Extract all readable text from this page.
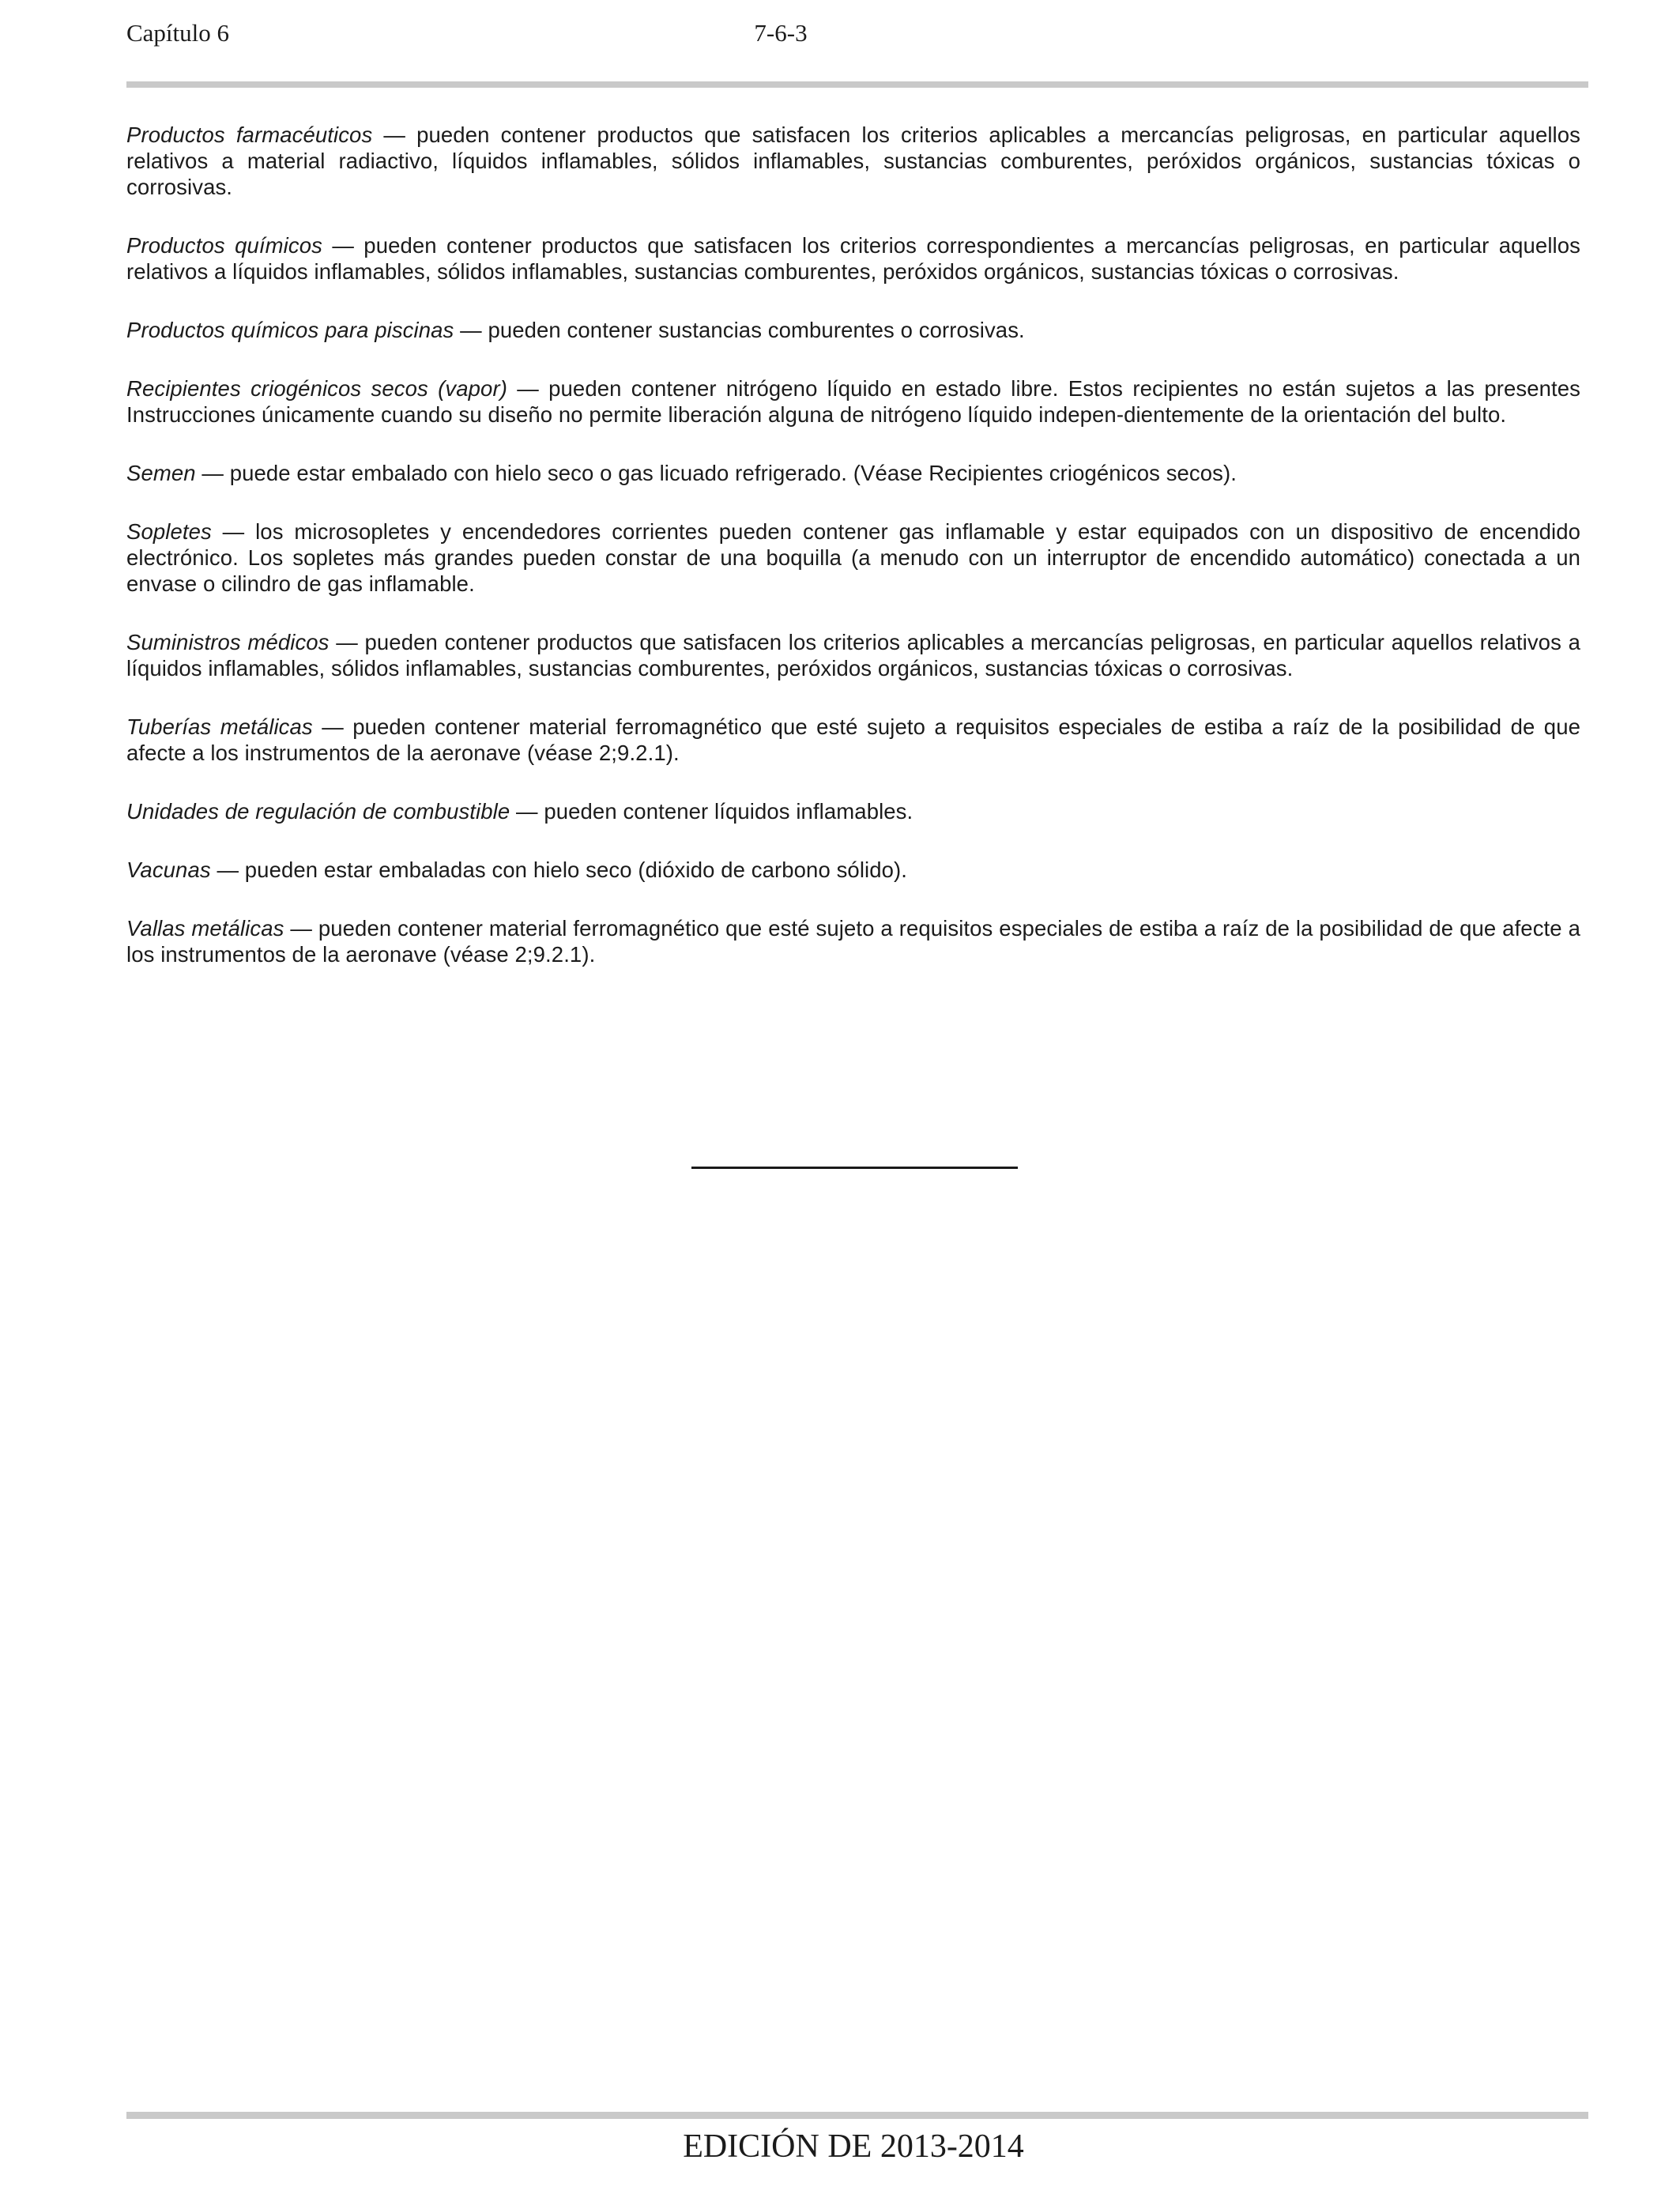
Capítulo 6	7-6-3

Productos farmacéuticos — pueden contener productos que satisfacen los criterios aplicables a mercancías peligrosas, en particular aquellos relativos a material radiactivo, líquidos inflamables, sólidos inflamables, sustancias comburentes, peróxidos orgánicos, sustancias tóxicas o corrosivas.

Productos químicos — pueden contener productos que satisfacen los criterios correspondientes a mercancías peligrosas, en particular aquellos relativos a líquidos inflamables, sólidos inflamables, sustancias comburentes, peróxidos orgánicos, sustancias tóxicas o corrosivas.

Productos químicos para piscinas — pueden contener sustancias comburentes o corrosivas.

Recipientes criogénicos secos (vapor) — pueden contener nitrógeno líquido en estado libre. Estos recipientes no están sujetos a las presentes Instrucciones únicamente cuando su diseño no permite liberación alguna de nitrógeno líquido indepen-dientemente de la orientación del bulto.

Semen — puede estar embalado con hielo seco o gas licuado refrigerado. (Véase Recipientes criogénicos secos).

Sopletes — los microsopletes y encendedores corrientes pueden contener gas inflamable y estar equipados con un dispositivo de encendido electrónico. Los sopletes más grandes pueden constar de una boquilla (a menudo con un interruptor de encendido automático) conectada a un envase o cilindro de gas inflamable.

Suministros médicos — pueden contener productos que satisfacen los criterios aplicables a mercancías peligrosas, en particular aquellos relativos a líquidos inflamables, sólidos inflamables, sustancias comburentes, peróxidos orgánicos, sustancias tóxicas o corrosivas.

Tuberías metálicas — pueden contener material ferromagnético que esté sujeto a requisitos especiales de estiba a raíz de la posibilidad de que afecte a los instrumentos de la aeronave (véase 2;9.2.1).

Unidades de regulación de combustible — pueden contener líquidos inflamables.

Vacunas — pueden estar embaladas con hielo seco (dióxido de carbono sólido).

Vallas metálicas — pueden contener material ferromagnético que esté sujeto a requisitos especiales de estiba a raíz de la posibilidad de que afecte a los instrumentos de la aeronave (véase 2;9.2.1).

EDICIÓN DE 2013-2014
